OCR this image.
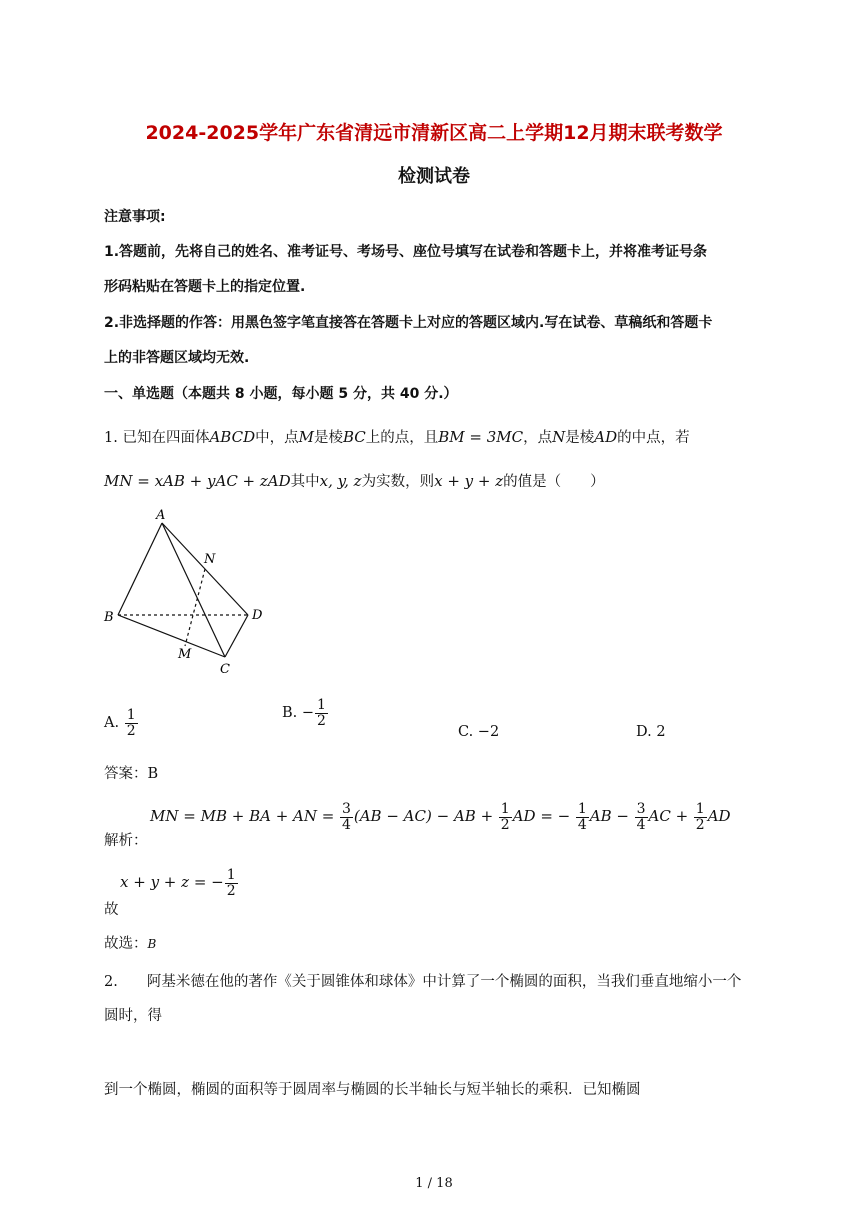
2024-2025学年广东省清远市清新区高二上学期12月期末联考数学
检测试卷
注意事项:
1.答题前，先将自己的姓名、准考证号、考场号、座位号填写在试卷和答题卡上，并将准考证号条
形码粘贴在答题卡上的指定位置.
2.非选择题的作答：用黑色签字笔直接答在答题卡上对应的答题区域内.写在试卷、草稿纸和答题卡
上的非答题区域均无效.
一、单选题（本题共 8 小题，每小题 5 分，共 40 分.）
1. 已知在四面体ABCD中，点M是棱BC上的点，且BM = 3MC，点N是棱AD的中点，若
MN = xAB + yAC + zAD其中x, y, z为实数，则x + y + z的值是（　　）
A
B
C
D
M
N
A. $\frac{1}{2}$	B. − $\frac{1}{2}$
C. −2	D. 2
答案：B
MN = MB + BA + AN = $\frac{3}{4} (AB - AC)$ − AB + $\frac{1}{2}$ AD = − $\frac{1}{4}$ AB − $\frac{3}{4}$ AC + $\frac{1}{2}$ AD
解析：
x + y + z = − $\frac{1}{2}$
故
故选：B
2.　　阿基米德在他的著作《关于圆锥体和球体》中计算了一个椭圆的面积，当我们垂直地缩小一个
圆时，得
到一个椭圆，椭圆的面积等于圆周率与椭圆的长半轴长与短半轴长的乘积．已知椭圆
1 / 18
